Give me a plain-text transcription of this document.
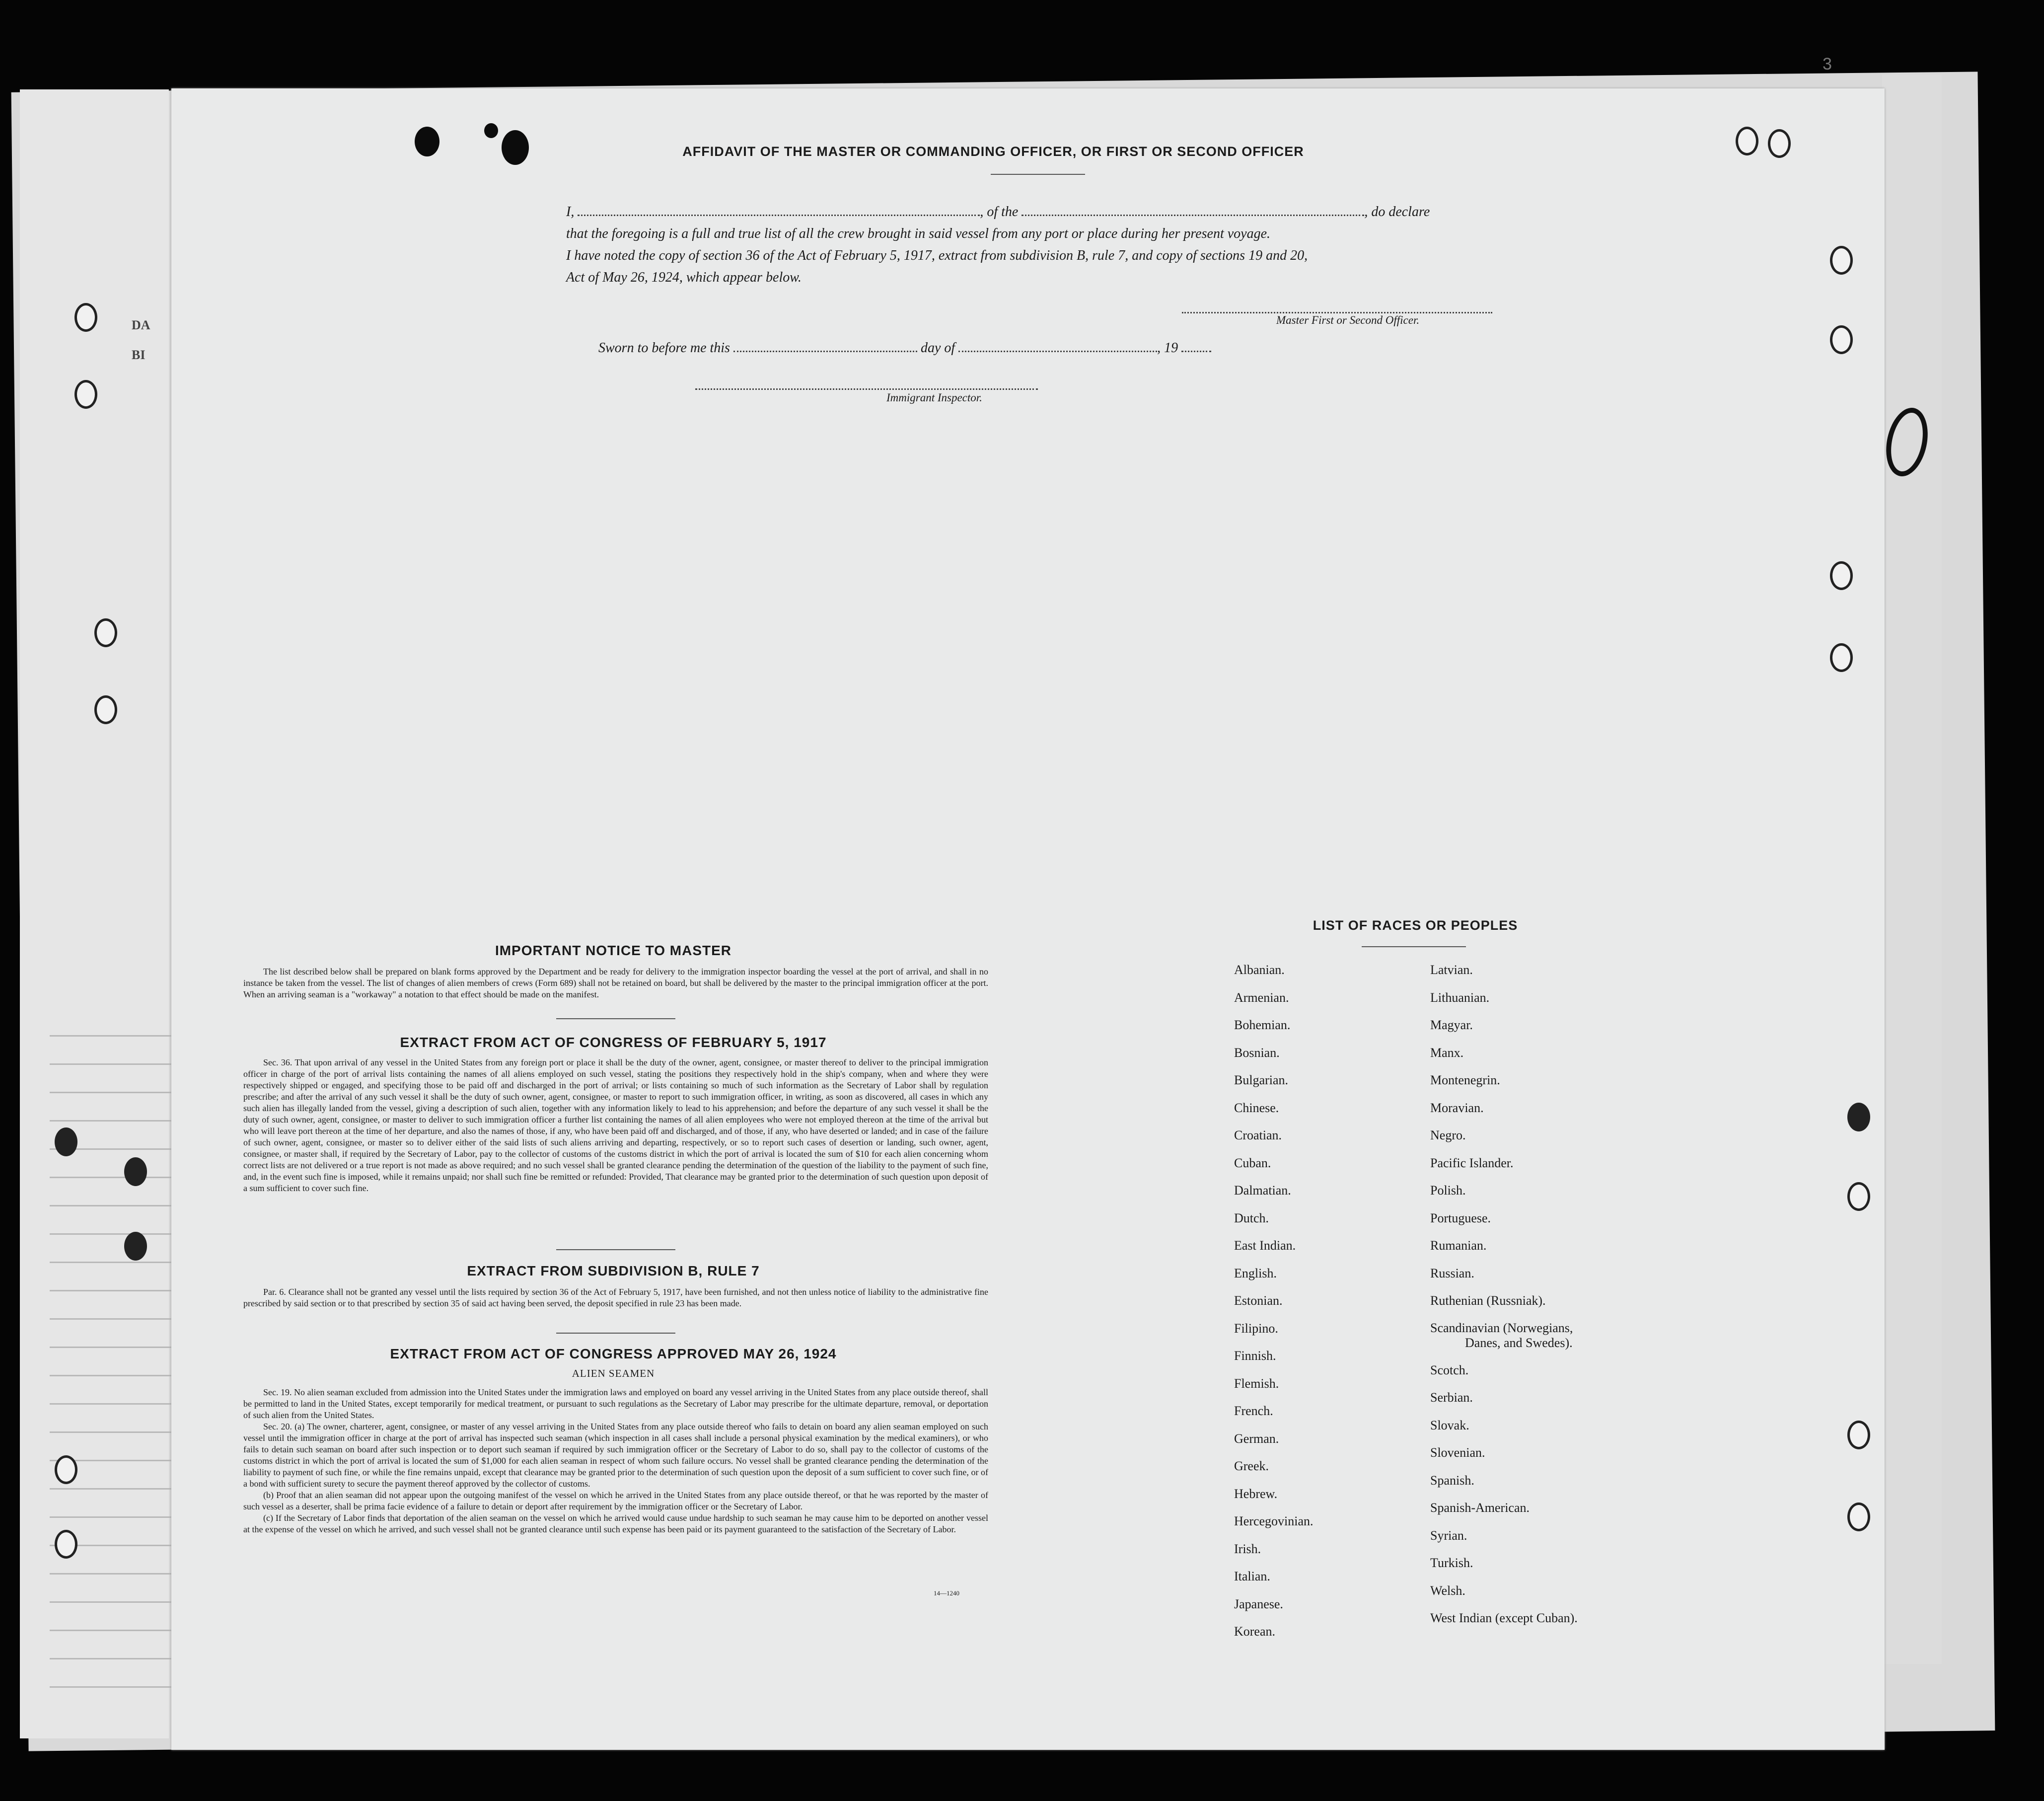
DA
BI
3
AFFIDAVIT OF THE MASTER OR COMMANDING OFFICER, OR FIRST OR SECOND OFFICER
I,	, of the	, do declare
that the foregoing is a full and true list of all the crew brought in said vessel from any port or place during her present voyage.
I have noted the copy of section 36 of the Act of February 5, 1917, extract from subdivision B, rule 7, and copy of sections 19 and 20,
Act of May 26, 1924, which appear below.
Master First or Second Officer.
Sworn to before me this	day of	, 19
Immigrant Inspector.
IMPORTANT NOTICE TO MASTER

The list described below shall be prepared on blank forms approved by the Department and be ready for delivery to the immigration inspector boarding the vessel at the port of arrival, and shall in no instance be taken from the vessel. The list of changes of alien members of crews (Form 689) shall not be retained on board, but shall be delivered by the master to the principal immigration officer at the port. When an arriving seaman is a "workaway" a notation to that effect should be made on the manifest.

EXTRACT FROM ACT OF CONGRESS OF FEBRUARY 5, 1917

Sec. 36. That upon arrival of any vessel in the United States from any foreign port or place it shall be the duty of the owner, agent, consignee, or master thereof to deliver to the principal immigration officer in charge of the port of arrival lists containing the names of all aliens employed on such vessel, stating the positions they respectively hold in the ship's company, when and where they were respectively shipped or engaged, and specifying those to be paid off and discharged in the port of arrival; or lists containing so much of such information as the Secretary of Labor shall by regulation prescribe; and after the arrival of any such vessel it shall be the duty of such owner, agent, consignee, or master to report to such immigration officer, in writing, as soon as discovered, all cases in which any such alien has illegally landed from the vessel, giving a description of such alien, together with any information likely to lead to his apprehension; and before the departure of any such vessel it shall be the duty of such owner, agent, consignee, or master to deliver to such immigration officer a further list containing the names of all alien employees who were not employed thereon at the time of the arrival but who will leave port thereon at the time of her departure, and also the names of those, if any, who have been paid off and discharged, and of those, if any, who have deserted or landed; and in case of the failure of such owner, agent, consignee, or master so to deliver either of the said lists of such aliens arriving and departing, respectively, or so to report such cases of desertion or landing, such owner, agent, consignee, or master shall, if required by the Secretary of Labor, pay to the collector of customs of the customs district in which the port of arrival is located the sum of $10 for each alien concerning whom correct lists are not delivered or a true report is not made as above required; and no such vessel shall be granted clearance pending the determination of the question of the liability to the payment of such fine, and, in the event such fine is imposed, while it remains unpaid; nor shall such fine be remitted or refunded: Provided, That clearance may be granted prior to the determination of such question upon deposit of a sum sufficient to cover such fine.

EXTRACT FROM SUBDIVISION B, RULE 7

Par. 6. Clearance shall not be granted any vessel until the lists required by section 36 of the Act of February 5, 1917, have been furnished, and not then unless notice of liability to the administrative fine prescribed by said section or to that prescribed by section 35 of said act having been served, the deposit specified in rule 23 has been made.

EXTRACT FROM ACT OF CONGRESS APPROVED MAY 26, 1924
ALIEN SEAMEN

Sec. 19. No alien seaman excluded from admission into the United States under the immigration laws and employed on board any vessel arriving in the United States from any place outside thereof, shall be permitted to land in the United States, except temporarily for medical treatment, or pursuant to such regulations as the Secretary of Labor may prescribe for the ultimate departure, removal, or deportation of such alien from the United States.

Sec. 20. (a) The owner, charterer, agent, consignee, or master of any vessel arriving in the United States from any place outside thereof who fails to detain on board any alien seaman employed on such vessel until the immigration officer in charge at the port of arrival has inspected such seaman (which inspection in all cases shall include a personal physical examination by the medical examiners), or who fails to detain such seaman on board after such inspection or to deport such seaman if required by such immigration officer or the Secretary of Labor to do so, shall pay to the collector of customs of the customs district in which the port of arrival is located the sum of $1,000 for each alien seaman in respect of whom such failure occurs. No vessel shall be granted clearance pending the determination of the liability to payment of such fine, or while the fine remains unpaid, except that clearance may be granted prior to the determination of such question upon the deposit of a sum sufficient to cover such fine, or of a bond with sufficient surety to secure the payment thereof approved by the collector of customs.

(b) Proof that an alien seaman did not appear upon the outgoing manifest of the vessel on which he arrived in the United States from any place outside thereof, or that he was reported by the master of such vessel as a deserter, shall be prima facie evidence of a failure to detain or deport after requirement by the immigration officer or the Secretary of Labor.

(c) If the Secretary of Labor finds that deportation of the alien seaman on the vessel on which he arrived would cause undue hardship to such seaman he may cause him to be deported on another vessel at the expense of the vessel on which he arrived, and such vessel shall not be granted clearance until such expense has been paid or its payment guaranteed to the satisfaction of the Secretary of Labor.

14—1240
LIST OF RACES OR PEOPLES
Albanian.
Armenian.
Bohemian.
Bosnian.
Bulgarian.
Chinese.
Croatian.
Cuban.
Dalmatian.
Dutch.
East Indian.
English.
Estonian.
Filipino.
Finnish.
Flemish.
French.
German.
Greek.
Hebrew.
Hercegovinian.
Irish.
Italian.
Japanese.
Korean.
Latvian.
Lithuanian.
Magyar.
Manx.
Montenegrin.
Moravian.
Negro.
Pacific Islander.
Polish.
Portuguese.
Rumanian.
Russian.
Ruthenian (Russniak).
Scandinavian (Norwegians,
Danes, and Swedes).
Scotch.
Serbian.
Slovak.
Slovenian.
Spanish.
Spanish-American.
Syrian.
Turkish.
Welsh.
West Indian (except Cuban).
